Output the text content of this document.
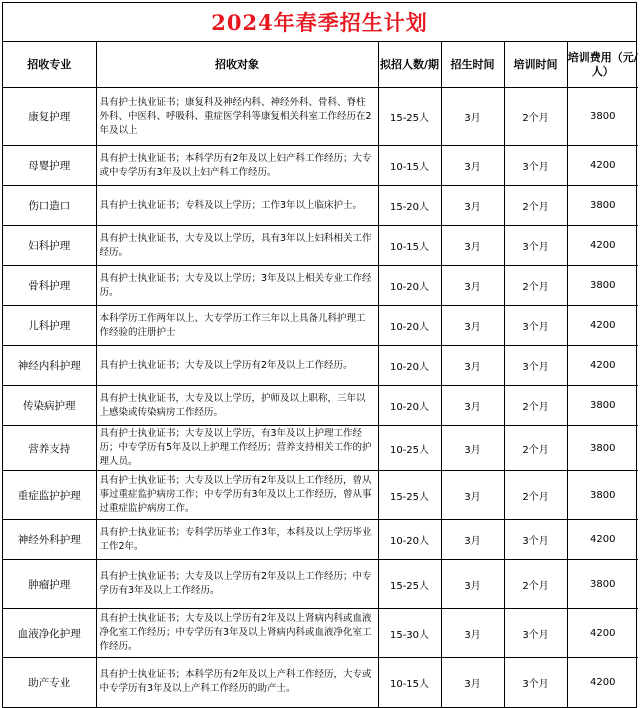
2024年春季招生计划
招收专业	招收对象	拟招人数/期	招生时间	培训时间	培训费用（元/人）
康复护理	具有护士执业证书；康复科及神经内科、神经外科、骨科、脊柱外科、中医科、呼吸科、重症医学科等康复相关科室工作经历在2年及以上	15-25人	3月	2个月	3800
母婴护理	具有护士执业证书；本科学历有2年及以上妇产科工作经历；大专或中专学历有3年及以上妇产科工作经历。	10-15人	3月	3个月	4200
伤口造口	具有护士执业证书；专科及以上学历；工作3年以上临床护士。	15-20人	3月	2个月	3800
妇科护理	具有护士执业证书，大专及以上学历，具有3年以上妇科相关工作经历。	10-15人	3月	3个月	4200
骨科护理	具有护士执业证书；大专及以上学历；3年及以上相关专业工作经历。	10-20人	3月	2个月	3800
儿科护理	本科学历工作两年以上、大专学历工作三年以上具备儿科护理工作经验的注册护士	10-20人	3月	3个月	4200
神经内科护理	具有护士执业证书；大专及以上学历有2年及以上工作经历。	10-20人	3月	3个月	4200
传染病护理	具有护士执业证书，大专及以上学历，护师及以上职称，三年以上感染或传染病房工作经历。	10-20人	3月	2个月	3800
营养支持	具有护士执业证书；大专及以上学历，有3年及以上护理工作经历；中专学历有5年及以上护理工作经历；营养支持相关工作的护理人员。	10-25人	3月	2个月	3800
重症监护护理	具有护士执业证书；大专及以上学历有2年及以上工作经历，曾从事过重症监护病房工作；中专学历有3年及以上工作经历，曾从事过重症监护病房工作。	15-25人	3月	2个月	3800
神经外科护理	具有护士执业证书；专科学历毕业工作3年，本科及以上学历毕业工作2年。	10-20人	3月	3个月	4200
肿瘤护理	具有护士执业证书；大专及以上学历有2年及以上工作经历；中专学历有3年及以上工作经历。	15-25人	3月	2个月	3800
血液净化护理	具有护士执业证书；大专及以上学历有2年及以上肾病内科或血液净化室工作经历；中专学历有3年及以上肾病内科或血液净化室工作经历。	15-30人	3月	3个月	4200
助产专业	具有护士执业证书；本科学历有2年及以上产科工作经历，大专或中专学历有3年及以上产科工作经历的助产士。	10-15人	3月	3个月	4200
